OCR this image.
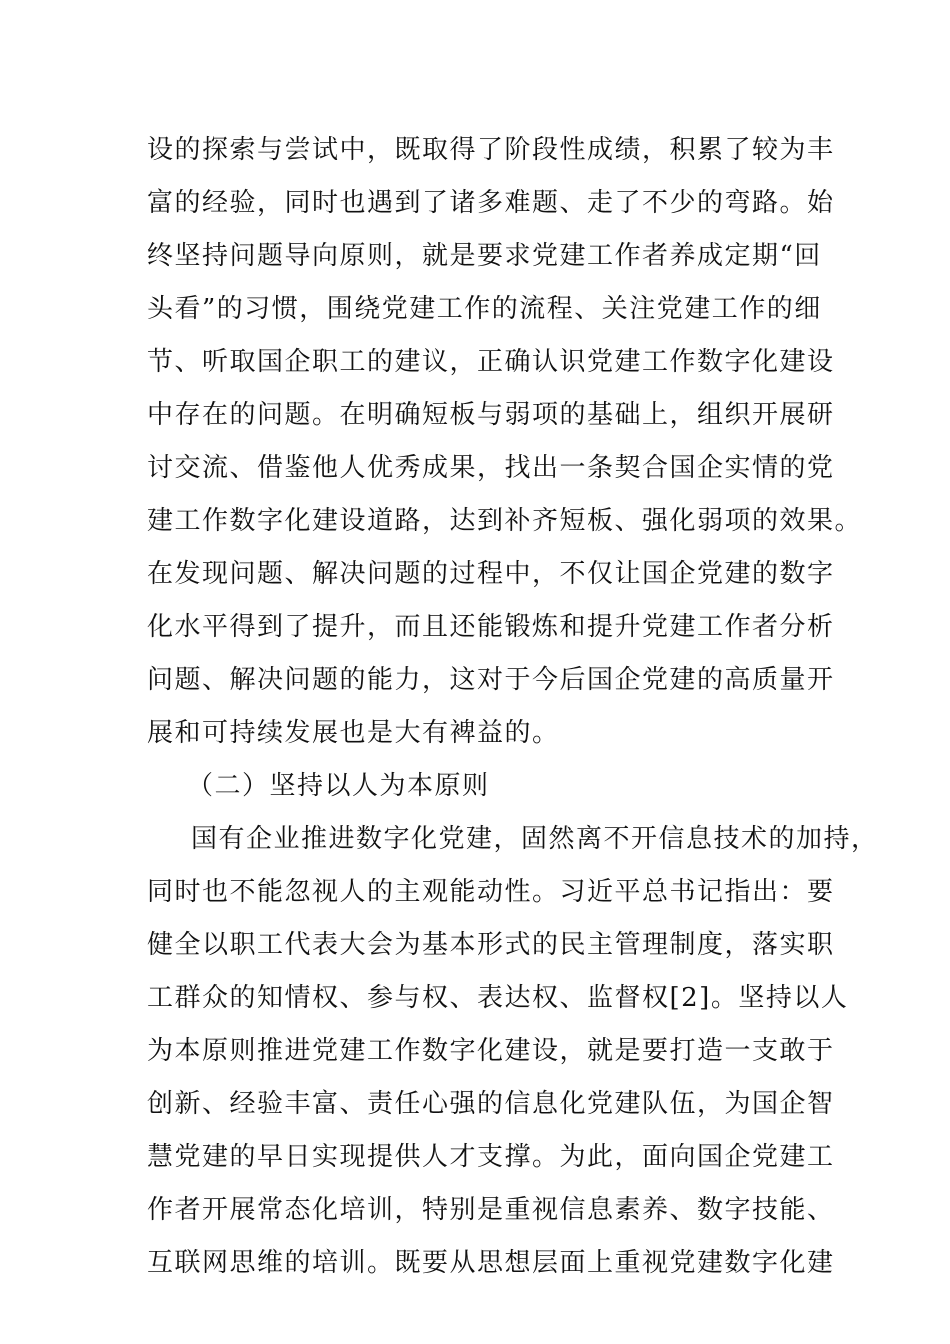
设的探索与尝试中，既取得了阶段性成绩，积累了较为丰
富的经验，同时也遇到了诸多难题、走了不少的弯路。始
终坚持问题导向原则，就是要求党建工作者养成定期“回
头看”的习惯，围绕党建工作的流程、关注党建工作的细
节、听取国企职工的建议，正确认识党建工作数字化建设
中存在的问题。在明确短板与弱项的基础上，组织开展研
讨交流、借鉴他人优秀成果，找出一条契合国企实情的党
建工作数字化建设道路，达到补齐短板、强化弱项的效果。
在发现问题、解决问题的过程中，不仅让国企党建的数字
化水平得到了提升，而且还能锻炼和提升党建工作者分析
问题、解决问题的能力，这对于今后国企党建的高质量开
展和可持续发展也是大有裨益的。
（二）坚持以人为本原则
国有企业推进数字化党建，固然离不开信息技术的加持，
同时也不能忽视人的主观能动性。习近平总书记指出：要
健全以职工代表大会为基本形式的民主管理制度，落实职
工群众的知情权、参与权、表达权、监督权[2]。坚持以人
为本原则推进党建工作数字化建设，就是要打造一支敢于
创新、经验丰富、责任心强的信息化党建队伍，为国企智
慧党建的早日实现提供人才支撑。为此，面向国企党建工
作者开展常态化培训，特别是重视信息素养、数字技能、
互联网思维的培训。既要从思想层面上重视党建数字化建
